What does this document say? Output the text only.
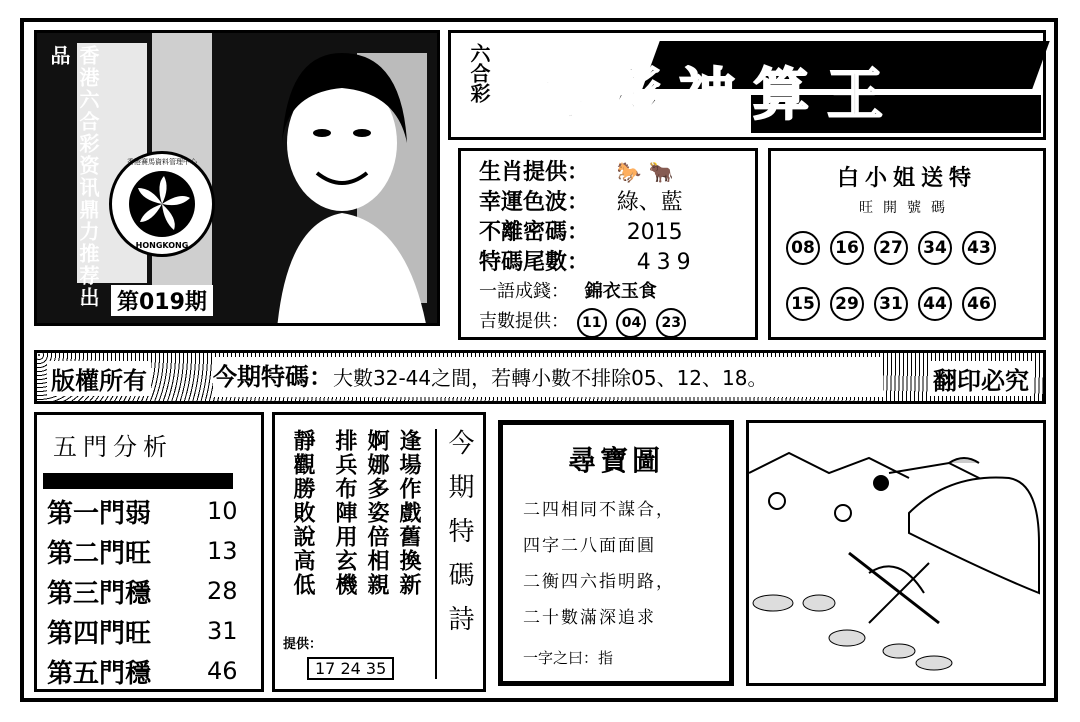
HONGKONG
香港賽馬資料管理中心
香港六合彩资讯鼎力推荐出品
第019期
六合彩 博彩神算王
生肖提供： 🐎 🐂
幸運色波： 綠、藍
不離密碼： 2015
特碼尾數： 439
一語成錢： 錦衣玉食
吉數提供： 11 04 23
白小姐送特
旺開號碼
08	16	27	34	43
15	29	31	44	46
版權所有	今期特碼：大數32-44之間，若轉小數不排除05、12、18。	翻印必究
五門分析
第一門弱	10
第二門旺	13
第三門穩	28
第四門旺	31
第五門穩	46
逢場作戲舊換新
婀娜多姿倍相親
排兵布陣用玄機
靜觀勝敗說高低	今期特碼詩
提供：
17 24 35
尋寶圖
二四相同不謀合，
四字二八面面圓
二衡四六指明路，
二十數滿深追求
一字之曰：指
